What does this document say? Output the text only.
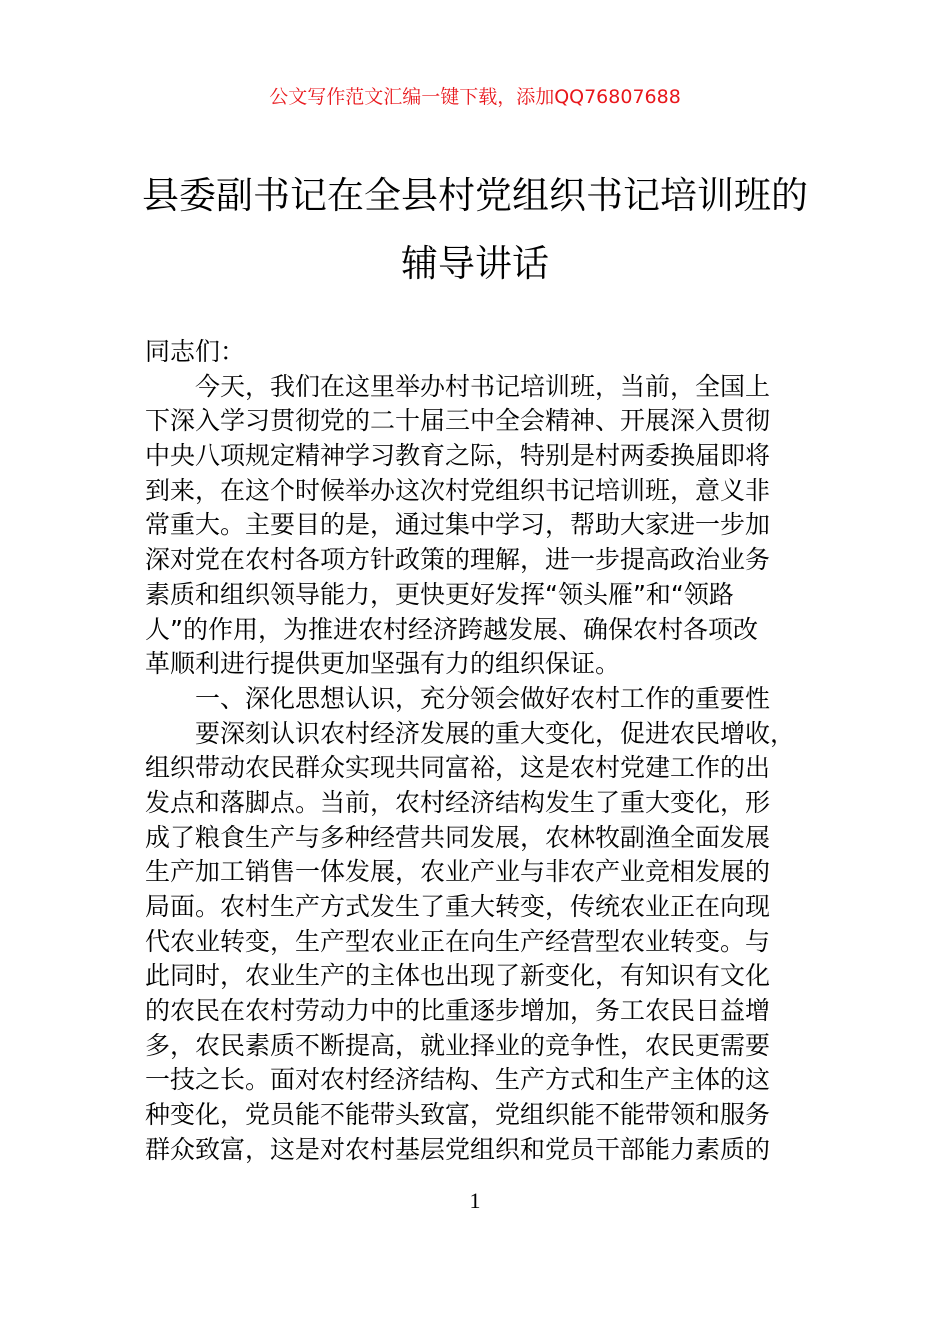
公文写作范文汇编一键下载，添加QQ76807688
县委副书记在全县村党组织书记培训班的
辅导讲话
同志们：
　　今天，我们在这里举办村书记培训班，当前，全国上
下深入学习贯彻党的二十届三中全会精神、开展深入贯彻
中央八项规定精神学习教育之际，特别是村两委换届即将
到来，在这个时候举办这次村党组织书记培训班，意义非
常重大。主要目的是，通过集中学习，帮助大家进一步加
深对党在农村各项方针政策的理解，进一步提高政治业务
素质和组织领导能力，更快更好发挥“领头雁”和“领路
人”的作用，为推进农村经济跨越发展、确保农村各项改
革顺利进行提供更加坚强有力的组织保证。
　　一、深化思想认识，充分领会做好农村工作的重要性
　　要深刻认识农村经济发展的重大变化，促进农民增收，
组织带动农民群众实现共同富裕，这是农村党建工作的出
发点和落脚点。当前，农村经济结构发生了重大变化，形
成了粮食生产与多种经营共同发展，农林牧副渔全面发展
生产加工销售一体发展，农业产业与非农产业竞相发展的
局面。农村生产方式发生了重大转变，传统农业正在向现
代农业转变，生产型农业正在向生产经营型农业转变。与
此同时，农业生产的主体也出现了新变化，有知识有文化
的农民在农村劳动力中的比重逐步增加，务工农民日益增
多，农民素质不断提高，就业择业的竞争性，农民更需要
一技之长。面对农村经济结构、生产方式和生产主体的这
种变化，党员能不能带头致富，党组织能不能带领和服务
群众致富，这是对农村基层党组织和党员干部能力素质的
1
